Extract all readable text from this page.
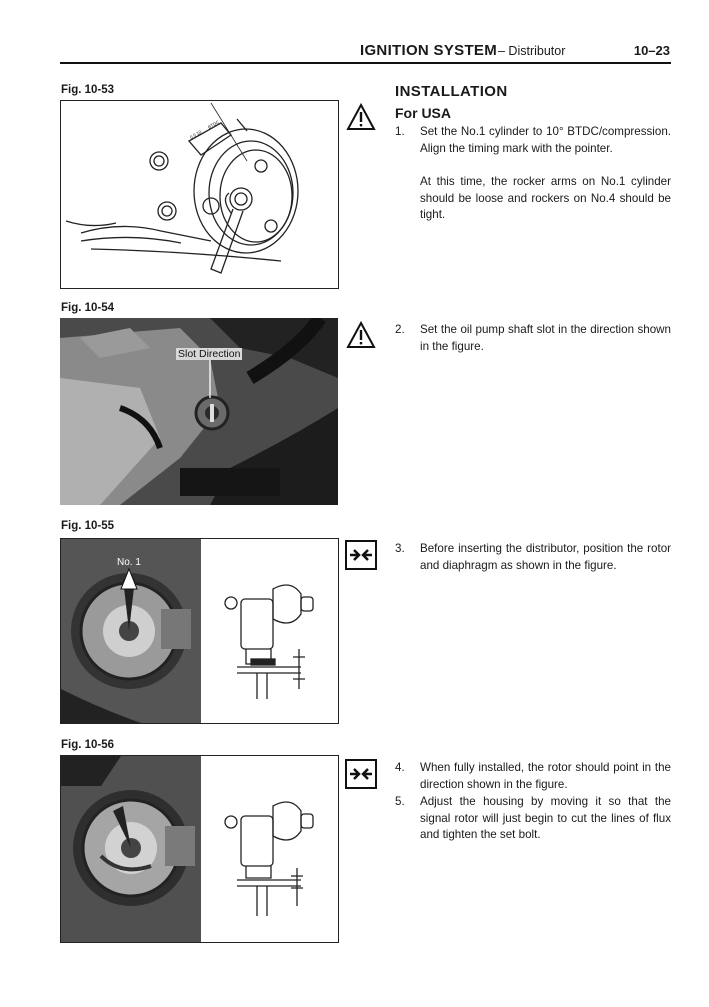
IGNITION SYSTEM – Distributor	10–23
Fig. 10-53
0 5 10
BTDC
INSTALLATION
For USA
1. Set the No.1 cylinder to 10° BTDC/compression. Align the timing mark with the pointer.
At this time, the rocker arms on No.1 cylinder should be loose and rockers on No.4 should be tight.
Fig. 10-54
Slot Direction
2. Set the oil pump shaft slot in the direction shown in the figure.
Fig. 10-55
No. 1
3. Before inserting the distributor, position the rotor and diaphragm as shown in the figure.
Fig. 10-56
4. When fully installed, the rotor should point in the direction shown in the figure.
5. Adjust the housing by moving it so that the signal rotor will just begin to cut the lines of flux and tighten the set bolt.
